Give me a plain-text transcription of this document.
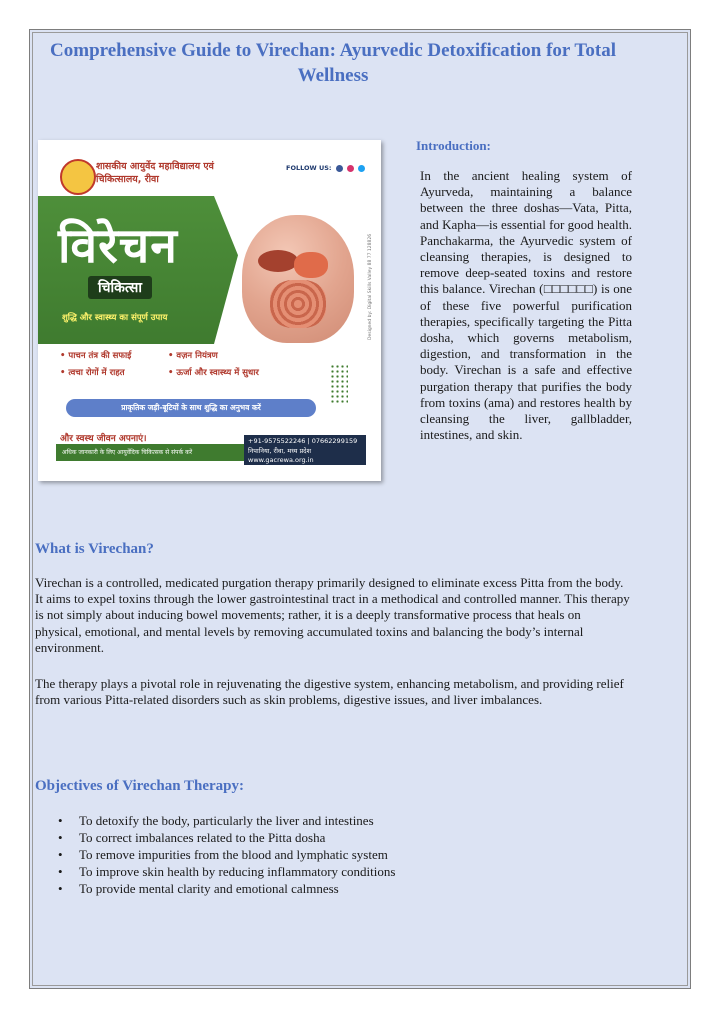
Comprehensive Guide to Virechan: Ayurvedic Detoxification for Total Wellness
शासकीय आयुर्वेद महाविद्यालय एवं चिकित्सालय, रीवा
FOLLOW US:
विरेचन
चिकित्सा
शुद्धि और स्वास्थ्य का संपूर्ण उपाय
• पाचन तंत्र की सफाई	• वज़न नियंत्रण
• त्वचा रोगों में राहत	• ऊर्जा और स्वास्थ्य में सुधार
प्राकृतिक जड़ी-बूटियों के साथ शुद्धि का अनुभव करें
और स्वस्थ जीवन अपनाएं।
अधिक जानकारी के लिए आयुर्वेदिक चिकित्सक से संपर्क करें
+91-9575522246 | 07662299159
निपानिया, रीवा, मध्य प्रदेश
www.gacrewa.org.in
Designed by: Digital Skills Valley 88 77 128826
Introduction:

In the ancient healing system of Ayurveda, maintaining a balance between the three doshas—Vata, Pitta, and Kapha—is essential for good health. Panchakarma, the Ayurvedic system of cleansing therapies, is designed to remove deep-seated toxins and restore this balance. Virechan (□□□□□□) is one of these five powerful purification therapies, specifically targeting the Pitta dosha, which governs metabolism, digestion, and transformation in the body. Virechan is a safe and effective purgation therapy that purifies the body from toxins (ama) and restores health by cleansing the liver, gallbladder, intestines, and skin.

What is Virechan?

Virechan is a controlled, medicated purgation therapy primarily designed to eliminate excess Pitta from the body. It aims to expel toxins through the lower gastrointestinal tract in a methodical and controlled manner. This therapy is not simply about inducing bowel movements; rather, it is a deeply transformative process that heals on physical, emotional, and mental levels by removing accumulated toxins and balancing the body’s internal environment.

The therapy plays a pivotal role in rejuvenating the digestive system, enhancing metabolism, and providing relief from various Pitta-related disorders such as skin problems, digestive issues, and liver imbalances.

Objectives of Virechan Therapy:
• To detoxify the body, particularly the liver and intestines
• To correct imbalances related to the Pitta dosha
• To remove impurities from the blood and lymphatic system
• To improve skin health by reducing inflammatory conditions
• To provide mental clarity and emotional calmness
